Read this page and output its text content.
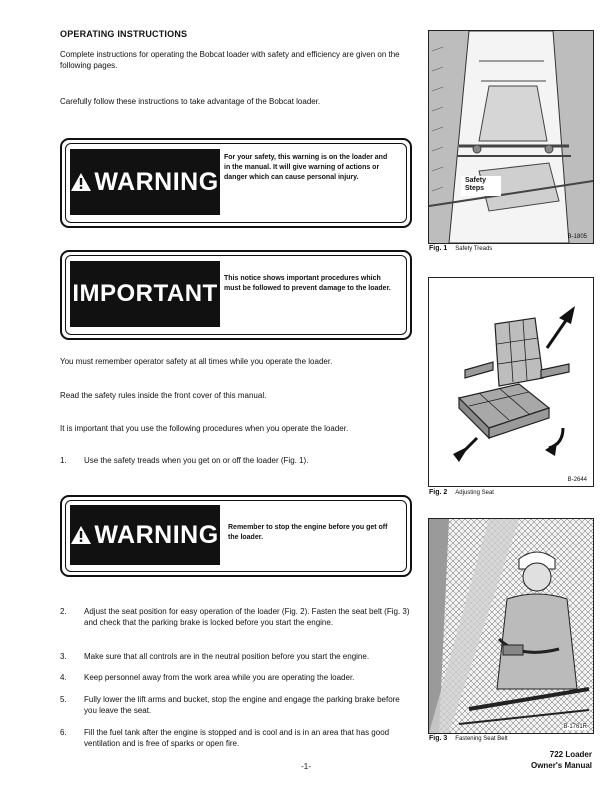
OPERATING INSTRUCTIONS
Complete instructions for operating the Bobcat loader with safety and efficiency are given on the following pages.
Carefully follow these instructions to take advantage of the Bobcat loader.
WARNING
For your safety, this warning is on the loader and in the manual. It will give warning of actions or danger which can cause personal injury.
IMPORTANT
This notice shows important procedures which must be followed to prevent damage to the loader.
You must remember operator safety at all times while you operate the loader.
Read the safety rules inside the front cover of this manual.
It is important that you use the following procedures when you operate the loader.
1. Use the safety treads when you get on or off the loader (Fig. 1).
WARNING Remember to stop the engine before you get off the loader.
2. Adjust the seat position for easy operation of the loader (Fig. 2). Fasten the seat belt (Fig. 3) and check that the parking brake is locked before you start the engine.
3. Make sure that all controls are in the neutral position before you start the engine.
4. Keep personnel away from the work area while you are operating the loader.
5. Fully lower the lift arms and bucket, stop the engine and engage the parking brake before you leave the seat.
6. Fill the fuel tank after the engine is stopped and is cool and is in an area that has good ventilation and is free of sparks or open fire.
Safety
Steps
B-1805
Fig. 1 Safety Treads
B-2644
Fig. 2 Adjusting Seat
B-1761R
Fig. 3 Fastening Seat Belt
-1-
722 Loader
Owner's Manual
